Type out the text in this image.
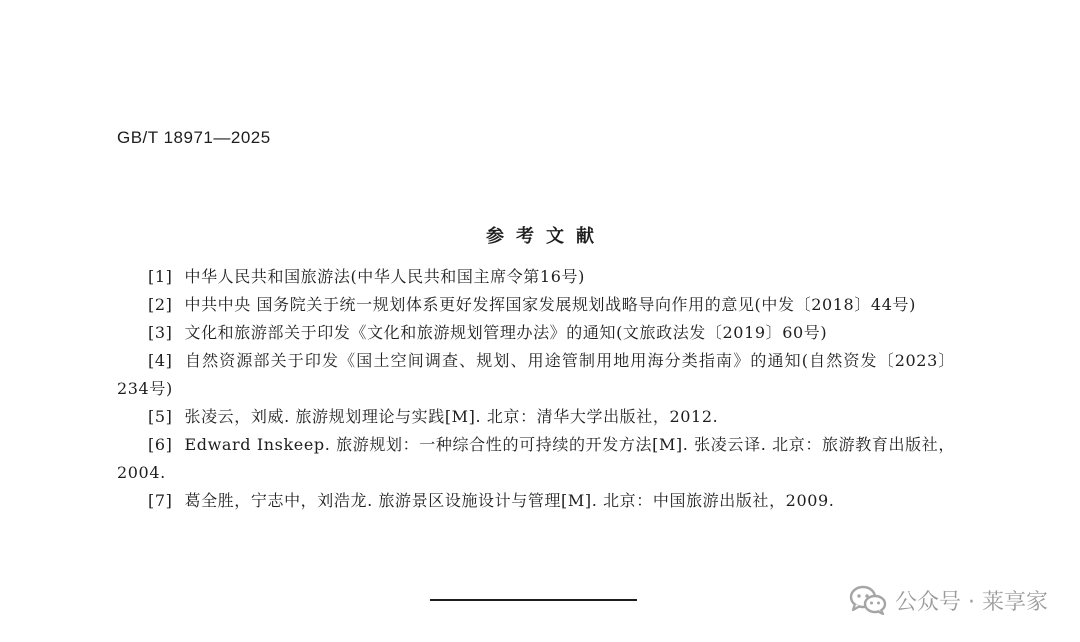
GB/T 18971—2025
参考文献
[1] 中华人民共和国旅游法(中华人民共和国主席令第16号)
[2] 中共中央 国务院关于统一规划体系更好发挥国家发展规划战略导向作用的意见(中发〔2018〕44号)
[3] 文化和旅游部关于印发《文化和旅游规划管理办法》的通知(文旅政法发〔2019〕60号)
[4] 自然资源部关于印发《国土空间调查、规划、用途管制用地用海分类指南》的通知(自然资发〔2023〕234号)
[5] 张凌云，刘威. 旅游规划理论与实践[M]. 北京：清华大学出版社，2012.
[6] Edward Inskeep. 旅游规划：一种综合性的可持续的开发方法[M]. 张凌云译. 北京：旅游教育出版社，2004.
[7] 葛全胜，宁志中，刘浩龙. 旅游景区设施设计与管理[M]. 北京：中国旅游出版社，2009.
公众号 · 莱享家
